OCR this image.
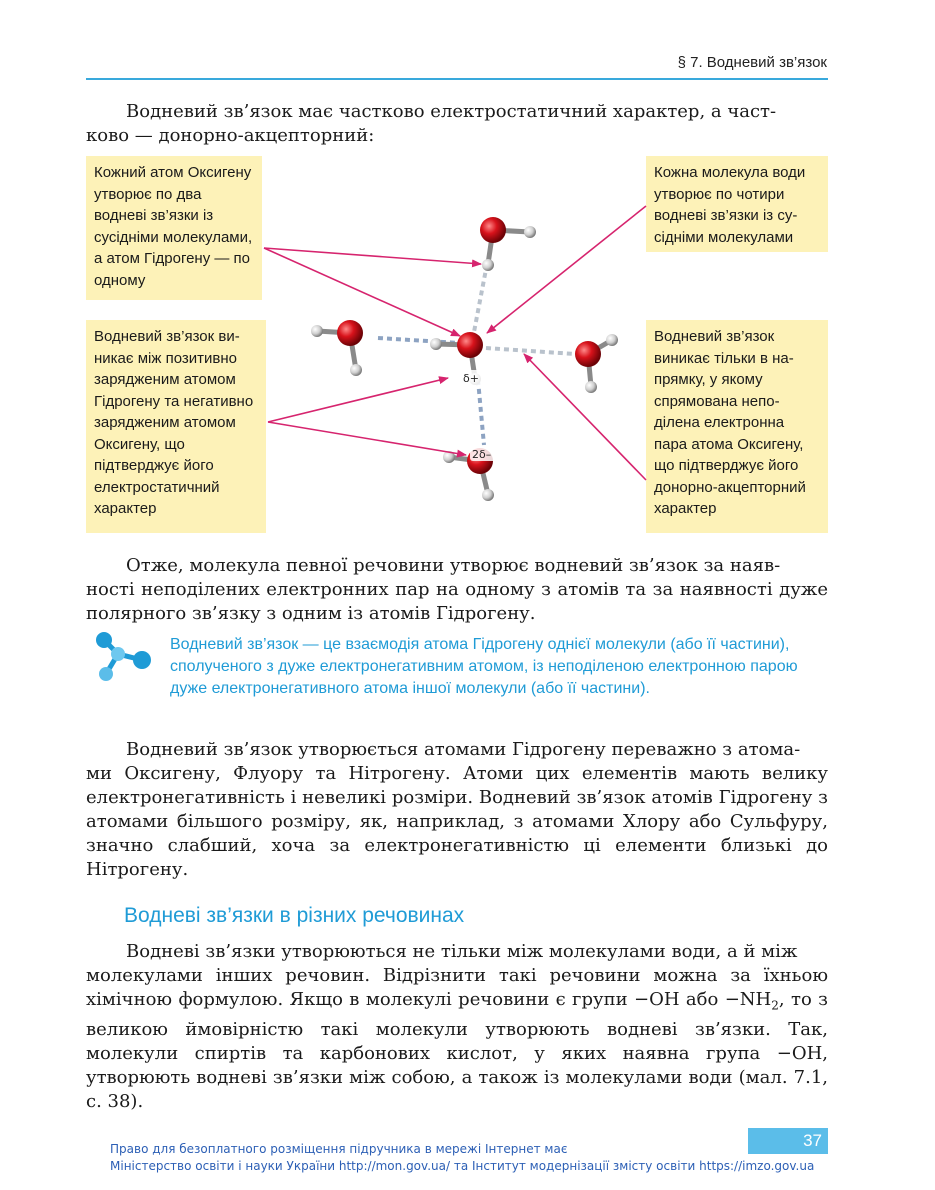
§ 7. Водневий зв’язок

Водневий зв’язок має частково електростатичний характер, а част-
ково — донорно-акцепторний:

Кожний атом Оксигену утворює по два водневі зв’язки із сусідніми молекулами, а атом Гідрогену — по одному
Кожна молекула води утворює по чотири водневі зв’язки із сусідніми молекулами
Водневий зв’язок виникає між позитивно зарядженим атомом Гідрогену та негативно зарядженим атомом Оксигену, що підтверджує його електростатичний характер
Водневий зв’язок виникає тільки в напрямку, у якому спрямована неподілена електронна пара атома Оксигену, що підтверджує його донорно-акцепторний характер
δ+
2δ–

Отже, молекула певної речовини утворює водневий зв’язок за наяв-
ності неподілених електронних пар на одному з атомів та за наявності дуже полярного зв’язку з одним із атомів Гідрогену.

Водневий зв’язок — це взаємодія атома Гідрогену однієї молекули (або її частини), сполученого з дуже електронегативним атомом, із неподіленою електронною парою дуже електронегативного атома іншої молекули (або її частини).

Водневий зв’язок утворюється атомами Гідрогену переважно з атома-
ми Оксигену, Флуору та Нітрогену. Атоми цих елементів мають велику електронегативність і невеликі розміри. Водневий зв’язок атомів Гідрогену з атомами більшого розміру, як, наприклад, з атомами Хлору або Сульфуру, значно слабший, хоча за електронегативністю ці елементи близькі до Нітрогену.

Водневі зв’язки в різних речовинах

Водневі зв’язки утворюються не тільки між молекулами води, а й між
молекулами інших речовин. Відрізнити такі речовини можна за їхньою хімічною формулою. Якщо в молекулі речовини є групи −OH або $-NH_2$, то з великою ймовірністю такі молекули утворюють водневі зв’язки. Так, молекули спиртів та карбонових кислот, у яких наявна група −OH, утворюють водневі зв’язки між собою, а також із молекулами води (мал. 7.1, с. 38).

37
Право для безоплатного розміщення підручника в мережі Інтернет має
Міністерство освіти і науки України http://mon.gov.ua/ та Інститут модернізації змісту освіти https://imzo.gov.ua
